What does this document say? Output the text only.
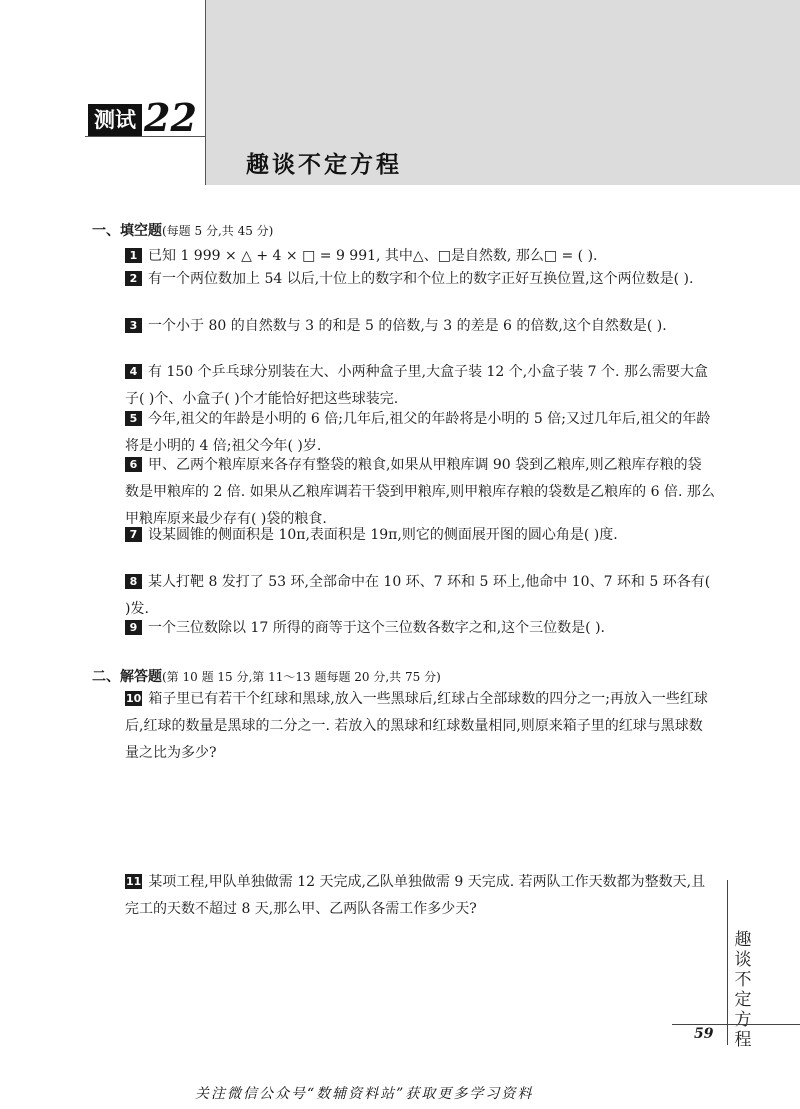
测试 22
趣谈不定方程
一、填空题(每题 5 分,共 45 分)
1 已知 1 999 × △ + 4 × □ = 9 991, 其中△、□是自然数, 那么□ = ( ).
2 有一个两位数加上 54 以后,十位上的数字和个位上的数字正好互换位置,这个两位数是( ).
3 一个小于 80 的自然数与 3 的和是 5 的倍数,与 3 的差是 6 的倍数,这个自然数是( ).
4 有 150 个乒乓球分别装在大、小两种盒子里,大盒子装 12 个,小盒子装 7 个. 那么需要大盒子( )个、小盒子( )个才能恰好把这些球装完.
5 今年,祖父的年龄是小明的 6 倍;几年后,祖父的年龄将是小明的 5 倍;又过几年后,祖父的年龄将是小明的 4 倍;祖父今年( )岁.
6 甲、乙两个粮库原来各存有整袋的粮食,如果从甲粮库调 90 袋到乙粮库,则乙粮库存粮的袋数是甲粮库的 2 倍. 如果从乙粮库调若干袋到甲粮库,则甲粮库存粮的袋数是乙粮库的 6 倍. 那么甲粮库原来最少存有( )袋的粮食.
7 设某圆锥的侧面积是 10π,表面积是 19π,则它的侧面展开图的圆心角是( )度.
8 某人打靶 8 发打了 53 环,全部命中在 10 环、7 环和 5 环上,他命中 10、7 环和 5 环各有( )发.
9 一个三位数除以 17 所得的商等于这个三位数各数字之和,这个三位数是( ).
二、解答题(第 10 题 15 分,第 11～13 题每题 20 分,共 75 分)
10 箱子里已有若干个红球和黑球,放入一些黑球后,红球占全部球数的四分之一;再放入一些红球后,红球的数量是黑球的二分之一. 若放入的黑球和红球数量相同,则原来箱子里的红球与黑球数量之比为多少?
11 某项工程,甲队单独做需 12 天完成,乙队单独做需 9 天完成. 若两队工作天数都为整数天,且完工的天数不超过 8 天,那么甲、乙两队各需工作多少天?
趣
谈
不
定
方
程
59
关注微信公众号“数辅资料站”获取更多学习资料
